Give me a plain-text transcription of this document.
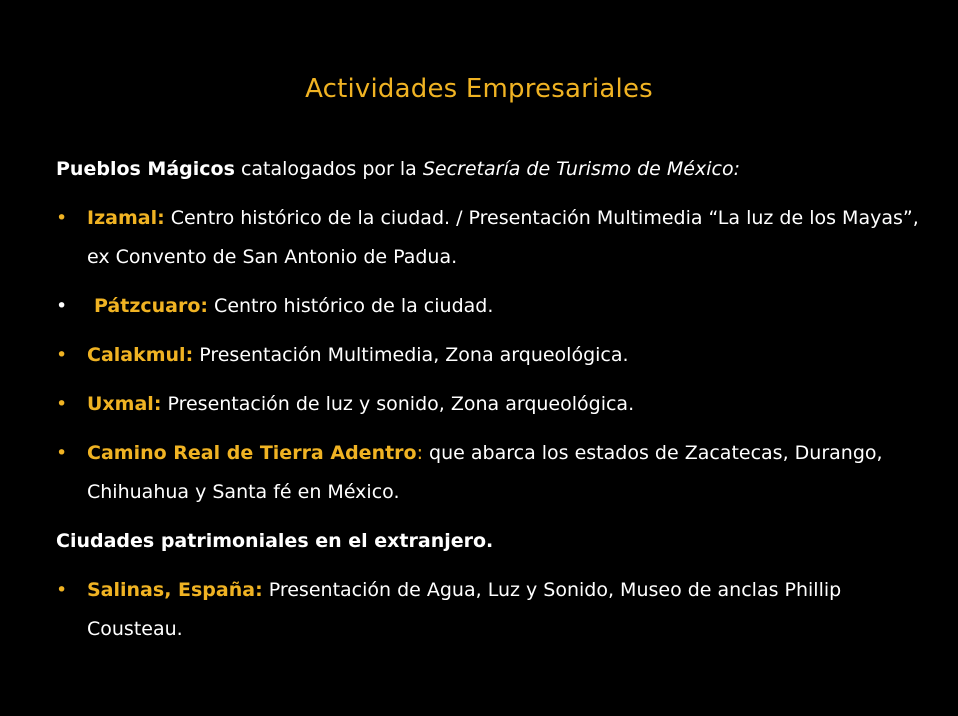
Actividades Empresariales

Pueblos Mágicos catalogados por la Secretaría de Turismo de México:

•	Izamal: Centro histórico de la ciudad. / Presentación Multimedia “La luz de los Mayas”, ex Convento de San Antonio de Padua.
•	Pátzcuaro: Centro histórico de la ciudad.
•	Calakmul: Presentación Multimedia, Zona arqueológica.
•	Uxmal: Presentación de luz y sonido, Zona arqueológica.
•	Camino Real de Tierra Adentro: que abarca los estados de Zacatecas, Durango, Chihuahua y Santa fé en México.

Ciudades patrimoniales en el extranjero.

•	Salinas, España: Presentación de Agua, Luz y Sonido, Museo de anclas Phillip Cousteau.
